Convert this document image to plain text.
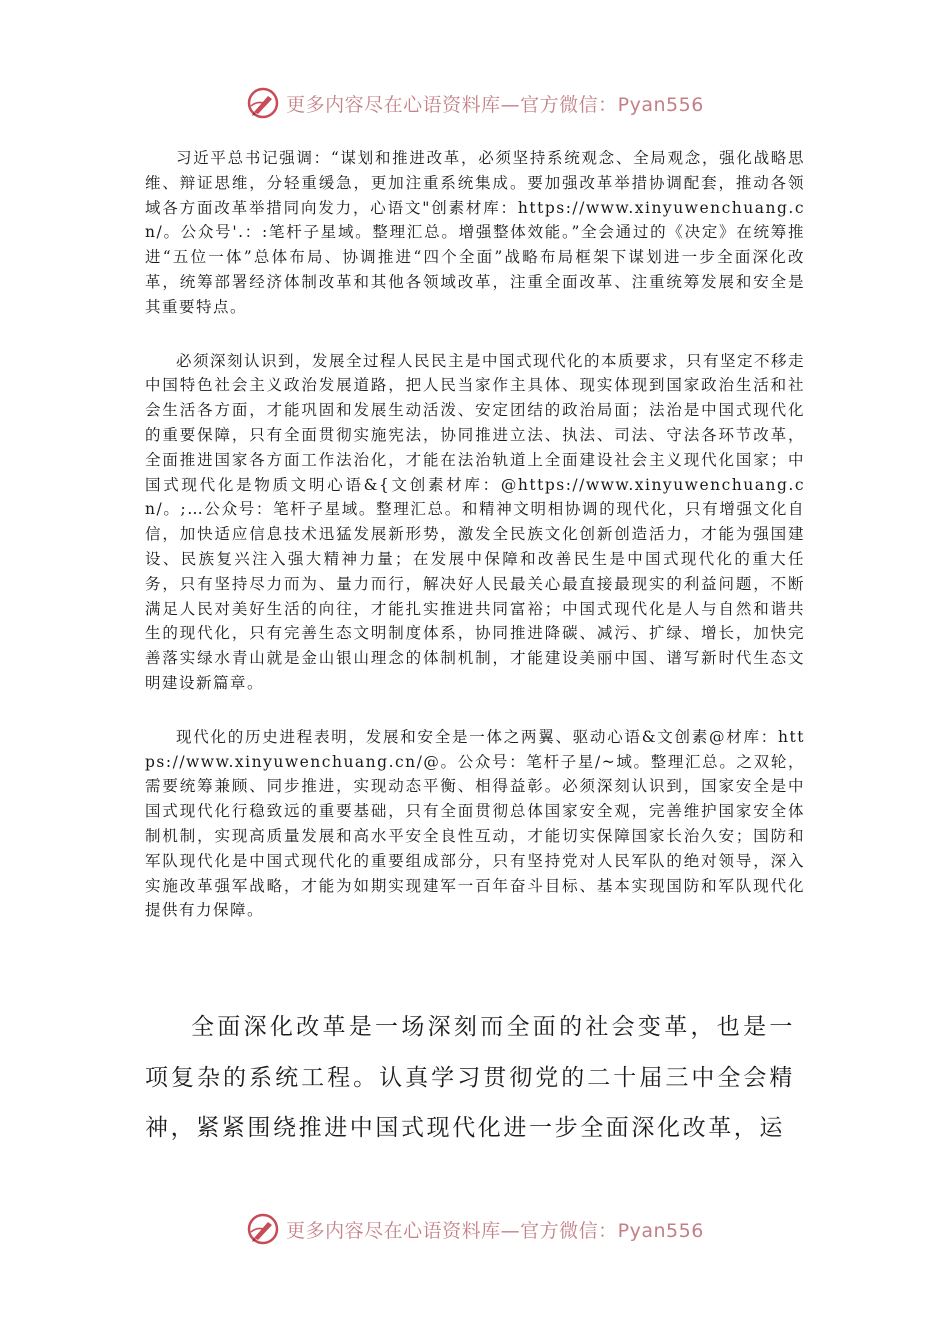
更多内容尽在心语资料库—官方微信：Pyan556

习近平总书记强调：“谋划和推进改革，必须坚持系统观念、全局观念，强化战略思维、辩证思维，分轻重缓急，更加注重系统集成。要加强改革举措协调配套，推动各领域各方面改革举措同向发力，心语文"创素材库：https://www.xinyuwenchuang.cn/。公众号'.：:笔杆子星域。整理汇总。增强整体效能。”全会通过的《决定》在统筹推进“五位一体”总体布局、协调推进“四个全面”战略布局框架下谋划进一步全面深化改革，统筹部署经济体制改革和其他各领域改革，注重全面改革、注重统筹发展和安全是其重要特点。

必须深刻认识到，发展全过程人民民主是中国式现代化的本质要求，只有坚定不移走中国特色社会主义政治发展道路，把人民当家作主具体、现实体现到国家政治生活和社会生活各方面，才能巩固和发展生动活泼、安定团结的政治局面；法治是中国式现代化的重要保障，只有全面贯彻实施宪法，协同推进立法、执法、司法、守法各环节改革，全面推进国家各方面工作法治化，才能在法治轨道上全面建设社会主义现代化国家；中国式现代化是物质文明心语&{文创素材库：@https://www.xinyuwenchuang.cn/。;…公众号：笔杆子星域。整理汇总。和精神文明相协调的现代化，只有增强文化自信，加快适应信息技术迅猛发展新形势，激发全民族文化创新创造活力，才能为强国建设、民族复兴注入强大精神力量；在发展中保障和改善民生是中国式现代化的重大任务，只有坚持尽力而为、量力而行，解决好人民最关心最直接最现实的利益问题，不断满足人民对美好生活的向往，才能扎实推进共同富裕；中国式现代化是人与自然和谐共生的现代化，只有完善生态文明制度体系，协同推进降碳、减污、扩绿、增长，加快完善落实绿水青山就是金山银山理念的体制机制，才能建设美丽中国、谱写新时代生态文明建设新篇章。

现代化的历史进程表明，发展和安全是一体之两翼、驱动心语&文创素@材库：https://www.xinyuwenchuang.cn/@。公众号：笔杆子星/~域。整理汇总。之双轮，需要统筹兼顾、同步推进，实现动态平衡、相得益彰。必须深刻认识到，国家安全是中国式现代化行稳致远的重要基础，只有全面贯彻总体国家安全观，完善维护国家安全体制机制，实现高质量发展和高水平安全良性互动，才能切实保障国家长治久安；国防和军队现代化是中国式现代化的重要组成部分，只有坚持党对人民军队的绝对领导，深入实施改革强军战略，才能为如期实现建军一百年奋斗目标、基本实现国防和军队现代化提供有力保障。

全面深化改革是一场深刻而全面的社会变革，也是一项复杂的系统工程。认真学习贯彻党的二十届三中全会精神，紧紧围绕推进中国式现代化进一步全面深化改革，运

更多内容尽在心语资料库—官方微信：Pyan556
